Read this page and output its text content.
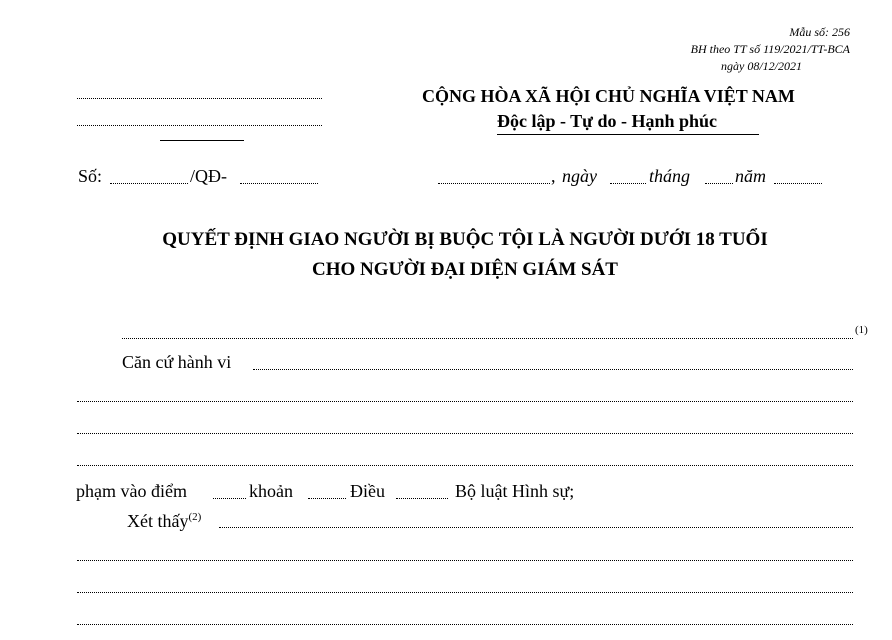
Mẫu số: 256
BH theo TT số 119/2021/TT-BCA
ngày 08/12/2021
CỘNG HÒA XÃ HỘI CHỦ NGHĨA VIỆT NAM
Độc lập - Tự do - Hạnh phúc
Số:	/QĐ-	, ngày	tháng năm
QUYẾT ĐỊNH GIAO NGƯỜI BỊ BUỘC TỘI LÀ NGƯỜI DƯỚI 18 TUỔI
CHO NGƯỜI ĐẠI DIỆN GIÁM SÁT
(1)
Căn cứ hành vi
phạm vào điểm	khoản	Điều	Bộ luật Hình sự;
Xét thấy$^{(2)}$
